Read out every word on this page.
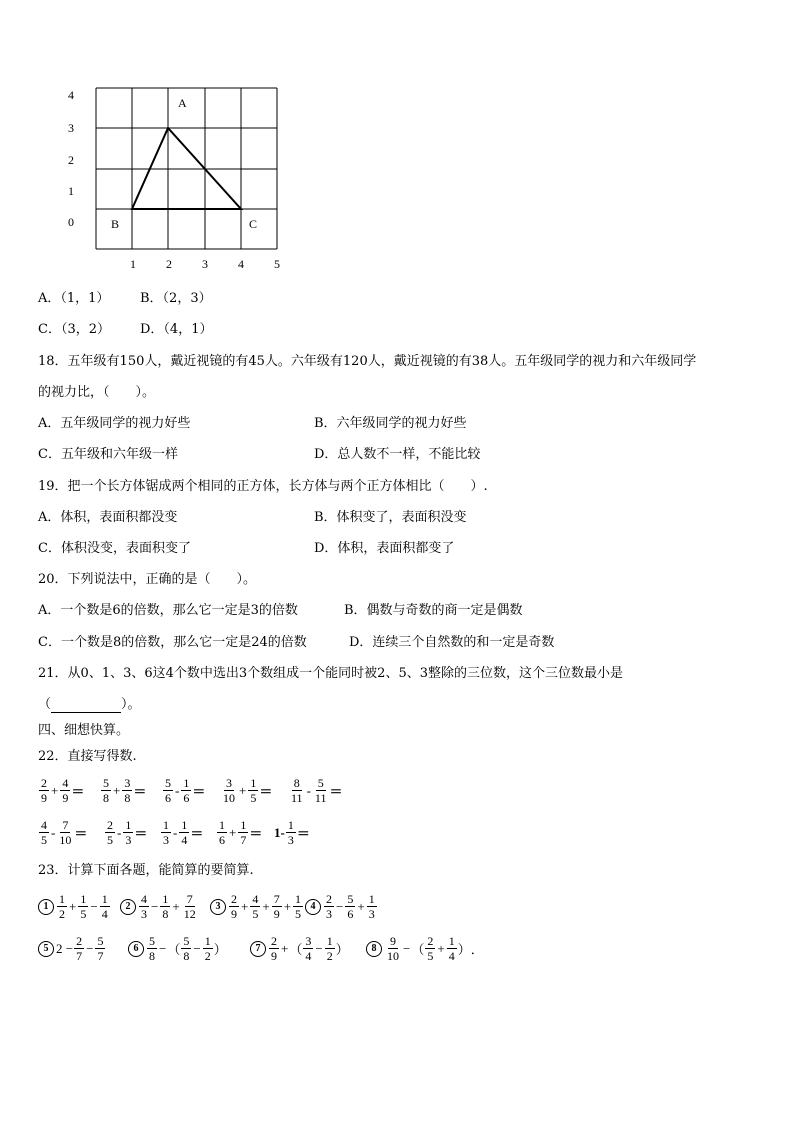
4
3
2
1
0
A
B	C
1	2	3	4	5
A．（1，1） B．（2，3）
C．（3，2） D．（4，1）
18．五年级有150人，戴近视镜的有45人。六年级有120人，戴近视镜的有38人。五年级同学的视力和六年级同学
的视力比，（　　）。
A．五年级同学的视力好些	B．六年级同学的视力好些
C．五年级和六年级一样	D．总人数不一样，不能比较
19．把一个长方体锯成两个相同的正方体，长方体与两个正方体相比（　　）.
A．体积，表面积都没变	B．体积变了，表面积没变
C．体积没变，表面积变了	D．体积，表面积都变了
20．下列说法中，正确的是（　　）。
A．一个数是6的倍数，那么它一定是3的倍数	B．偶数与奇数的商一定是偶数
C．一个数是8的倍数，那么它一定是24的倍数	D．连续三个自然数的和一定是奇数
21．从0、1、3、6这4个数中选出3个数组成一个能同时被2、5、3整除的三位数，这个三位数最小是
（	）。
四、细想快算。
22．直接写得数.
$\frac{2}{9} + \frac{4}{9} = \frac{5}{8} + \frac{3}{8} = \frac{5}{6} - \frac{1}{6} = \frac{3}{10} + \frac{1}{5} = \frac{8}{11} - \frac{5}{11}$ ＝
$\frac{4}{5} - \frac{7}{10} = \frac{2}{5} - \frac{1}{3} = \frac{1}{3} - \frac{1}{4} = \frac{1}{6} + \frac{1}{7} = 1- \frac{1}{3}$ ＝
23．计算下面各题，能简算的要简算.
$1 \frac{1}{2} + \frac{1}{5} - \frac{1}{4}$	$2 \frac{4}{3} - \frac{1}{8} + \frac{7}{12}$	$3 \frac{2}{9} + \frac{4}{5} + \frac{7}{9} + \frac{1}{5} 4 \frac{2}{3} - \frac{5}{6} + \frac{1}{3}$
5 $2 - \frac{2}{7} - \frac{5}{7}$	$6 \frac{5}{8}$ − （ $\frac{5}{8} - \frac{1}{2}$ ）	$7 \frac{2}{9}$ + （ $\frac{3}{4} - \frac{1}{2}$ ）	$8 \frac{9}{10}$ − （ $\frac{2}{5} + \frac{1}{4}$ ） ．
